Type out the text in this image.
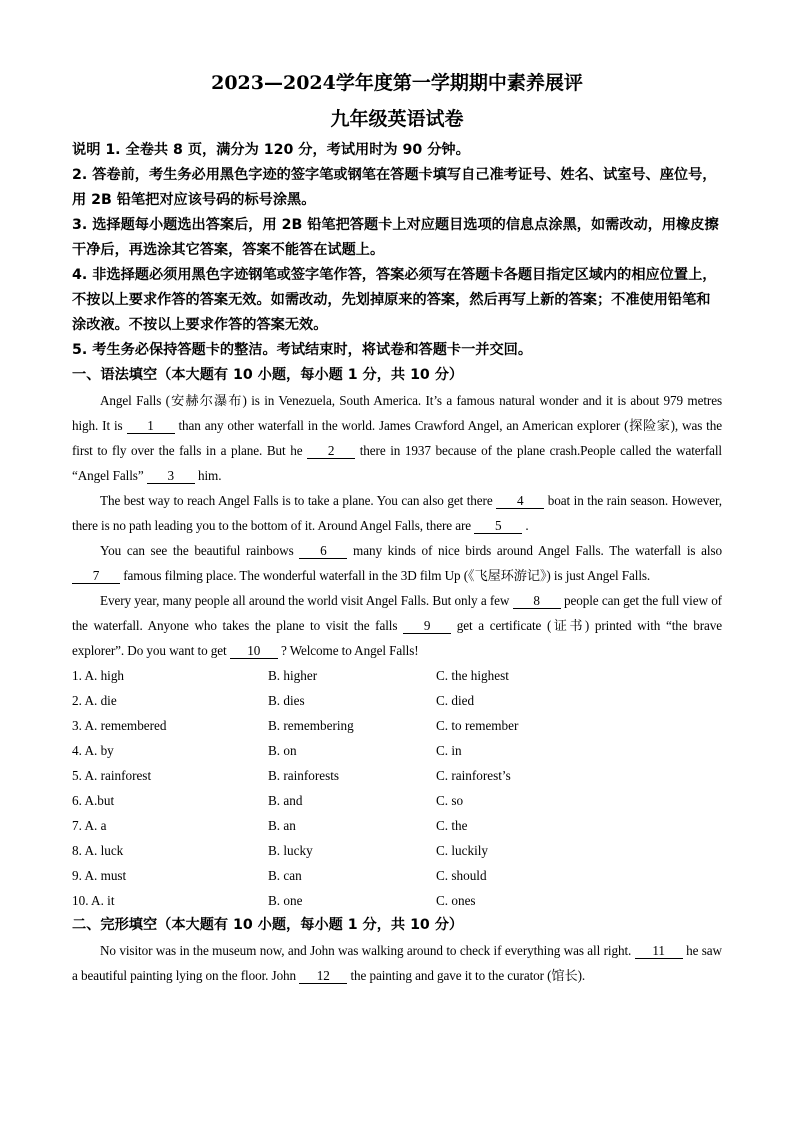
2023—2024学年度第一学期期中素养展评
九年级英语试卷

说明 1. 全卷共 8 页，满分为 120 分，考试用时为 90 分钟。

2. 答卷前，考生务必用黑色字迹的签字笔或钢笔在答题卡填写自己准考证号、姓名、试室号、座位号，用 2B 铅笔把对应该号码的标号涂黑。

3. 选择题每小题选出答案后，用 2B 铅笔把答题卡上对应题目选项的信息点涂黑，如需改动，用橡皮擦干净后，再选涂其它答案，答案不能答在试题上。

4. 非选择题必须用黑色字迹钢笔或签字笔作答，答案必须写在答题卡各题目指定区域内的相应位置上，不按以上要求作答的答案无效。如需改动，先划掉原来的答案，然后再写上新的答案；不准使用铅笔和涂改液。不按以上要求作答的答案无效。

5. 考生务必保持答题卡的整洁。考试结束时，将试卷和答题卡一并交回。

一、语法填空（本大题有 10 小题，每小题 1 分，共 10 分）

Angel Falls (安赫尔瀑布) is in Venezuela, South America. It’s a famous natural wonder and it is about 979 metres high. It is 1 than any other waterfall in the world. James Crawford Angel, an American explorer (探险家), was the first to fly over the falls in a plane. But he 2 there in 1937 because of the plane crash.People called the waterfall “Angel Falls” 3 him.

The best way to reach Angel Falls is to take a plane. You can also get there 4 boat in the rain season. However, there is no path leading you to the bottom of it. Around Angel Falls, there are 5 .

You can see the beautiful rainbows 6 many kinds of nice birds around Angel Falls. The waterfall is also 7 famous filming place. The wonderful waterfall in the 3D film Up (《飞屋环游记》) is just Angel Falls.

Every year, many people all around the world visit Angel Falls. But only a few 8 people can get the full view of the waterfall. Anyone who takes the plane to visit the falls 9 get a certificate (证书) printed with “the brave explorer”. Do you want to get 10 ? Welcome to Angel Falls!

1. A. high	B. higher	C. the highest
2. A. die	B. dies	C. died
3. A. remembered	B. remembering	C. to remember
4. A. by	B. on	C. in
5. A. rainforest	B. rainforests	C. rainforest’s
6. A.but	B. and	C. so
7. A. a	B. an	C. the
8. A. luck	B. lucky	C. luckily
9. A. must	B. can	C. should
10. A. it	B. one	C. ones

二、完形填空（本大题有 10 小题，每小题 1 分，共 10 分）

No visitor was in the museum now, and John was walking around to check if everything was all right. 11 he saw a beautiful painting lying on the floor. John 12 the painting and gave it to the curator (馆长).
